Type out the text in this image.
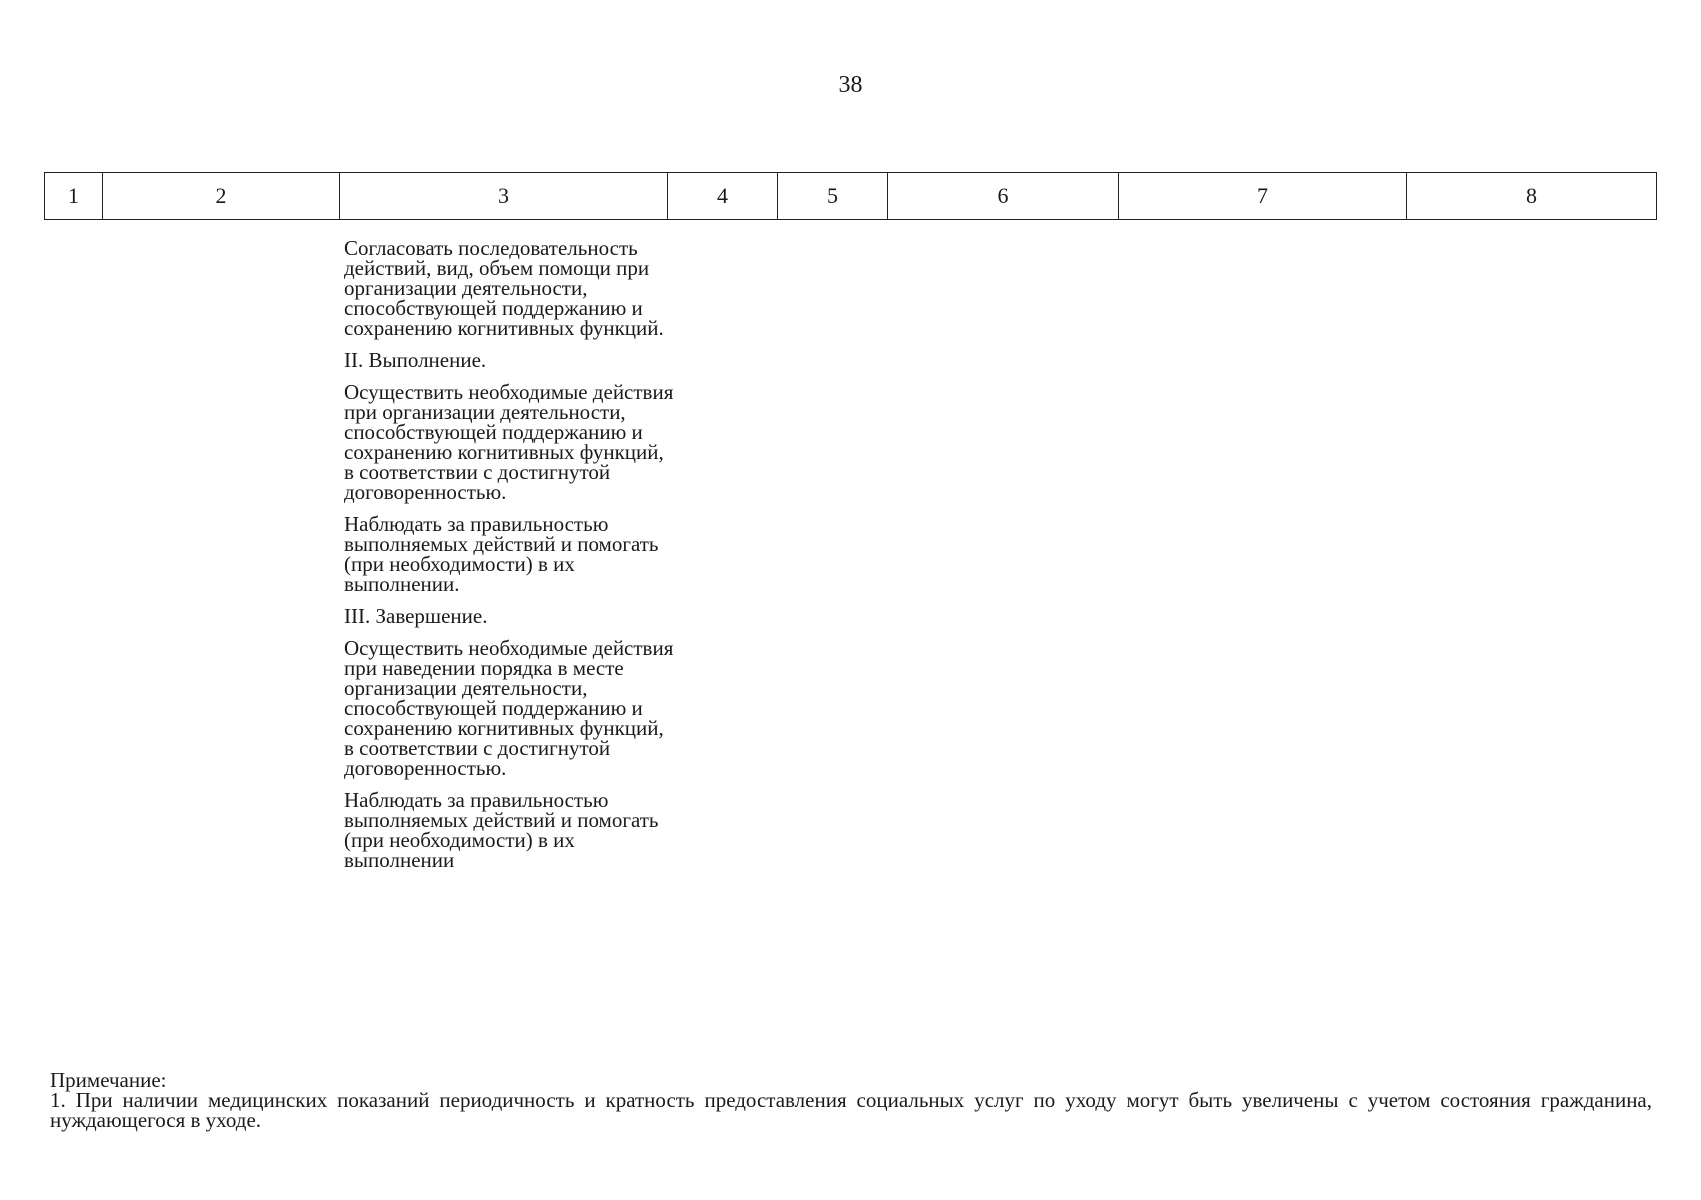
38
1	2	3	4	5	6	7	8

Согласовать последовательность действий, вид, объем помощи при организации деятельности, способствующей поддержанию и сохранению когнитивных функций.

II. Выполнение.

Осуществить необходимые действия при организации деятельности, способствующей поддержанию и сохранению когнитивных функций, в соответствии с достигнутой договоренностью.

Наблюдать за правильностью выполняемых действий и помогать (при необходимости) в их выполнении.

III. Завершение.

Осуществить необходимые действия при наведении порядка в месте организации деятельности, способствующей поддержанию и сохранению когнитивных функций, в соответствии с достигнутой договоренностью.

Наблюдать за правильностью выполняемых действий и помогать (при необходимости) в их выполнении

Примечание:

1. При наличии медицинских показаний периодичность и кратность предоставления социальных услуг по уходу могут быть увеличены с учетом состояния гражданина, нуждающегося в уходе.
